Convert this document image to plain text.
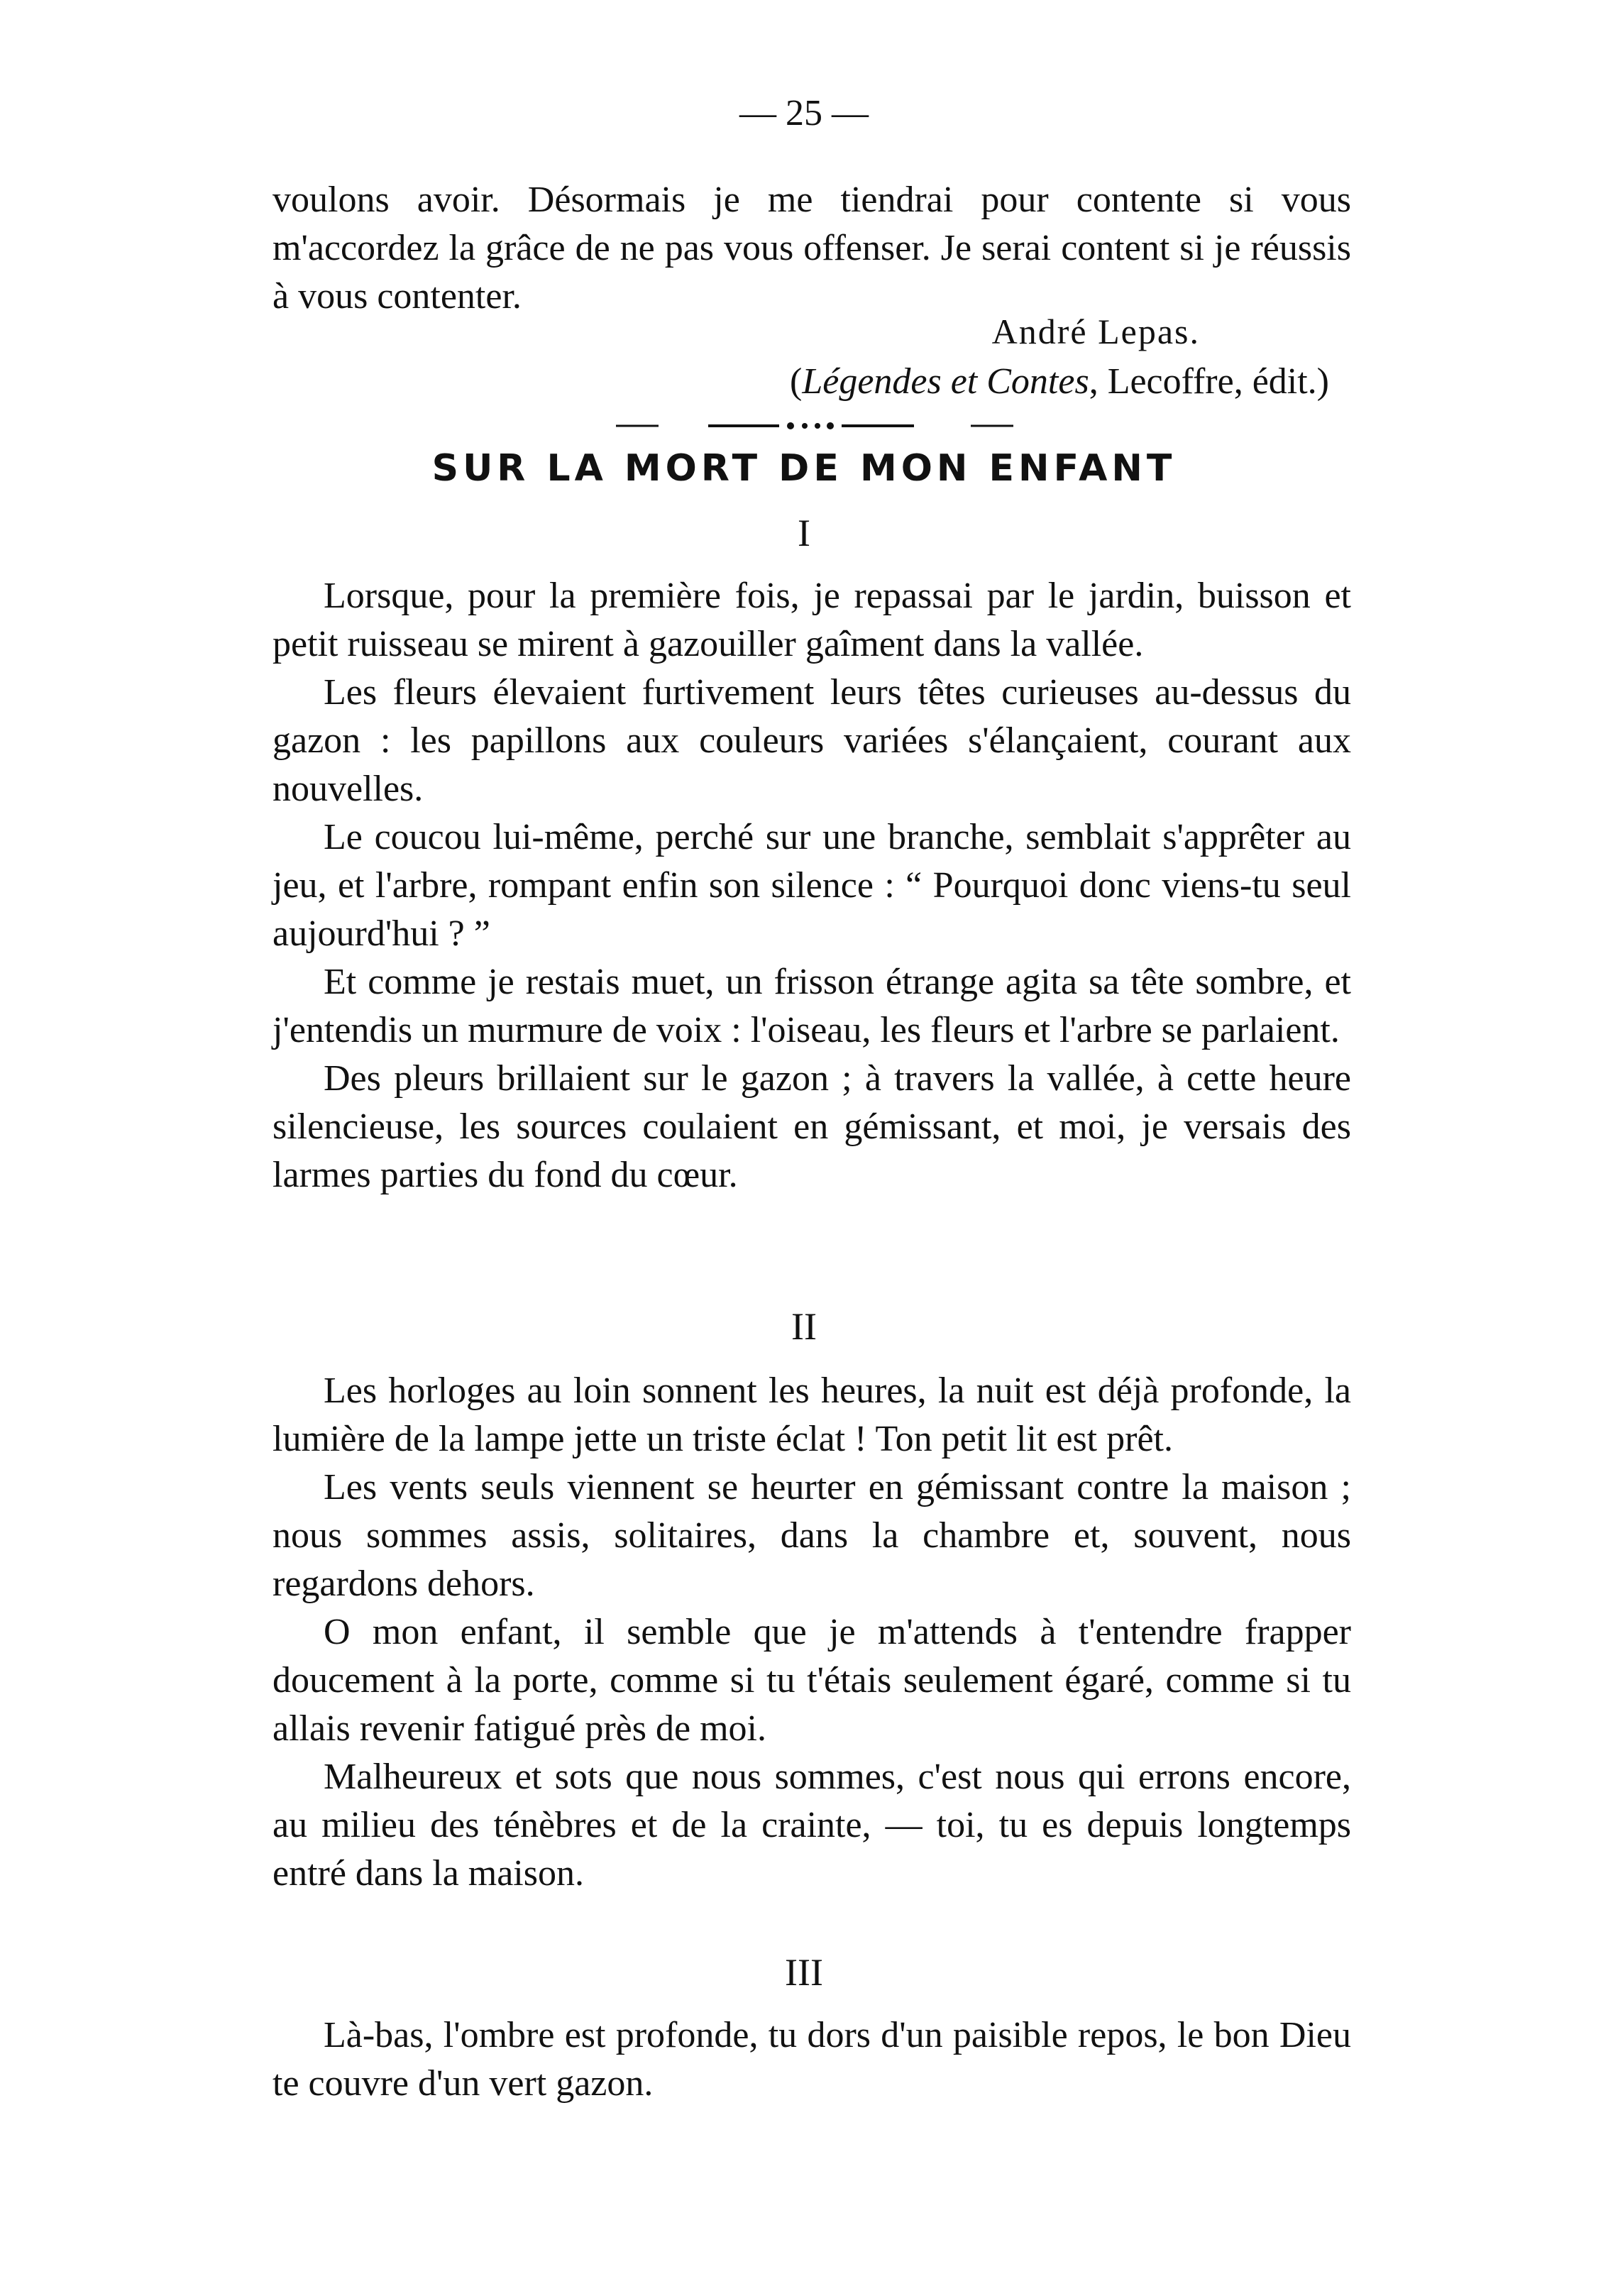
— 25 —

voulons avoir. Désormais je me tiendrai pour contente si vous m'accordez la grâce de ne pas vous offenser. Je serai content si je réussis à vous contenter.

André Lepas.
(Légendes et Contes, Lecoffre, édit.)
SUR LA MORT DE MON ENFANT
I

Lorsque, pour la première fois, je repassai par le jardin, buisson et petit ruisseau se mirent à gazouiller gaîment dans la vallée.

Les fleurs élevaient furtivement leurs têtes curieuses au-dessus du gazon : les papillons aux couleurs variées s'élançaient, courant aux nouvelles.

Le coucou lui-même, perché sur une branche, semblait s'apprêter au jeu, et l'arbre, rompant enfin son silence : “ Pourquoi donc viens-tu seul aujourd'hui ? ”

Et comme je restais muet, un frisson étrange agita sa tête sombre, et j'entendis un murmure de voix : l'oiseau, les fleurs et l'arbre se parlaient.

Des pleurs brillaient sur le gazon ; à travers la vallée, à cette heure silencieuse, les sources coulaient en gémissant, et moi, je versais des larmes parties du fond du cœur.

II

Les horloges au loin sonnent les heures, la nuit est déjà profonde, la lumière de la lampe jette un triste éclat ! Ton petit lit est prêt.

Les vents seuls viennent se heurter en gémissant contre la maison ; nous sommes assis, solitaires, dans la chambre et, souvent, nous regardons dehors.

O mon enfant, il semble que je m'attends à t'entendre frapper doucement à la porte, comme si tu t'étais seulement égaré, comme si tu allais revenir fatigué près de moi.

Malheureux et sots que nous sommes, c'est nous qui errons encore, au milieu des ténèbres et de la crainte, — toi, tu es depuis longtemps entré dans la maison.

III

Là-bas, l'ombre est profonde, tu dors d'un paisible repos, le bon Dieu te couvre d'un vert gazon.
